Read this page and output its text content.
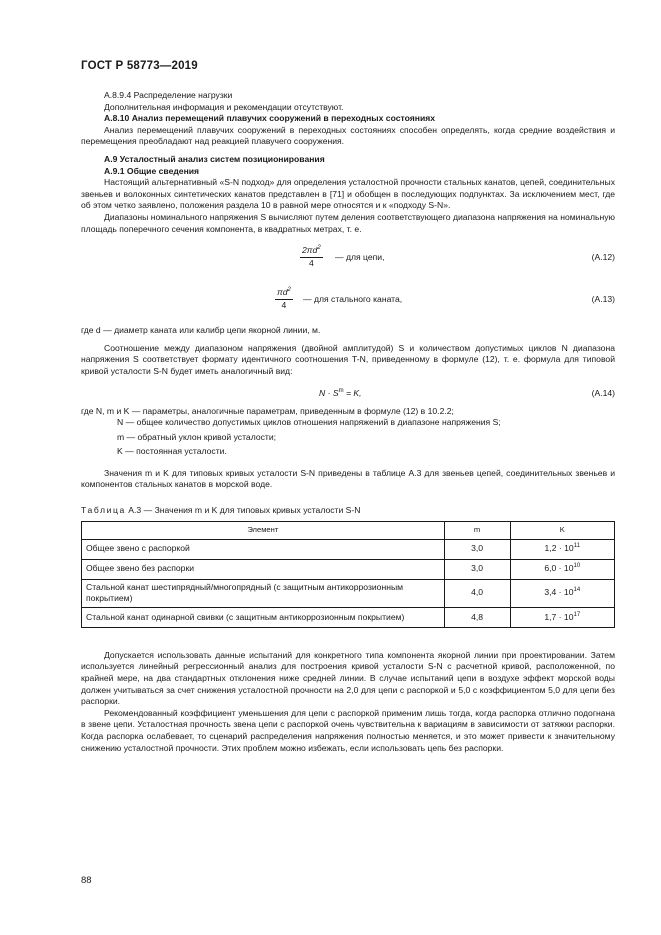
ГОСТ Р 58773—2019

А.8.9.4 Распределение нагрузки

Дополнительная информация и рекомендации отсутствуют.

А.8.10 Анализ перемещений плавучих сооружений в переходных состояниях

Анализ перемещений плавучих сооружений в переходных состояниях способен определять, когда средние воздействия и перемещения преобладают над реакцией плавучего сооружения.

А.9 Усталостный анализ систем позиционирования

А.9.1 Общие сведения

Настоящий альтернативный «S-N подход» для определения усталостной прочности стальных канатов, цепей, соединительных звеньев и волоконных синтетических канатов представлен в [71] и обобщен в последующих подпунктах. За исключением мест, где об этом четко заявлено, положения раздела 10 в равной мере относятся и к «подходу S-N».

Диапазоны номинального напряжения S вычисляют путем деления соответствующего диапазона напряжения на номинальную площадь поперечного сечения компонента, в квадратных метрах, т. е.

$\frac{2\pi d^2}{4}$ — для цепи,	(А.12)
$\frac{\pi d^2}{4}$ — для стального каната,	(А.13)

где d — диаметр каната или калибр цепи якорной линии, м.

Соотношение между диапазоном напряжения (двойной амплитудой) S и количеством допустимых циклов N диапазона напряжения S соответствует формату идентичного соотношения T-N, приведенному в формуле (12), т. е. формула для типовой кривой усталости S-N будет иметь аналогичный вид:

$N \cdot S^m = K$,	(А.14)

где N, m и K — параметры, аналогичные параметрам, приведенным в формуле (12) в 10.2.2;

N — общее количество допустимых циклов отношения напряжений в диапазоне напряжения S;

m — обратный уклон кривой усталости;

K — постоянная усталости.

Значения m и K для типовых кривых усталости S-N приведены в таблице А.3 для звеньев цепей, соединительных звеньев и компонентов стальных канатов в морской воде.

Таблица А.3 — Значения m и K для типовых кривых усталости S-N
Элемент	m	K
Общее звено с распоркой	3,0	$1,2 \cdot 10^{11}$
Общее звено без распорки	3,0	$6,0 \cdot 10^{10}$
Стальной канат шестипрядный/многопрядный (с защитным антикоррозионным покрытием)	4,0	$3,4 \cdot 10^{14}$
Стальной канат одинарной свивки (с защитным антикоррозионным покрытием)	4,8	$1,7 \cdot 10^{17}$

Допускается использовать данные испытаний для конкретного типа компонента якорной линии при проектировании. Затем используется линейный регрессионный анализ для построения кривой усталости S-N с расчетной кривой, расположенной, по крайней мере, на два стандартных отклонения ниже средней линии. В случае испытаний цепи в воздухе эффект морской воды должен учитываться за счет снижения усталостной прочности на 2,0 для цепи с распоркой и 5,0 с коэффициентом 5,0 для цепи без распорки.

Рекомендованный коэффициент уменьшения для цепи с распоркой применим лишь тогда, когда распорка отлично подогнана в звене цепи. Усталостная прочность звена цепи с распоркой очень чувствительна к вариациям в зависимости от затяжки распорки. Когда распорка ослабевает, то сценарий распределения напряжения полностью меняется, и это может привести к значительному снижению усталостной прочности. Этих проблем можно избежать, если использовать цепь без распорки.

88
